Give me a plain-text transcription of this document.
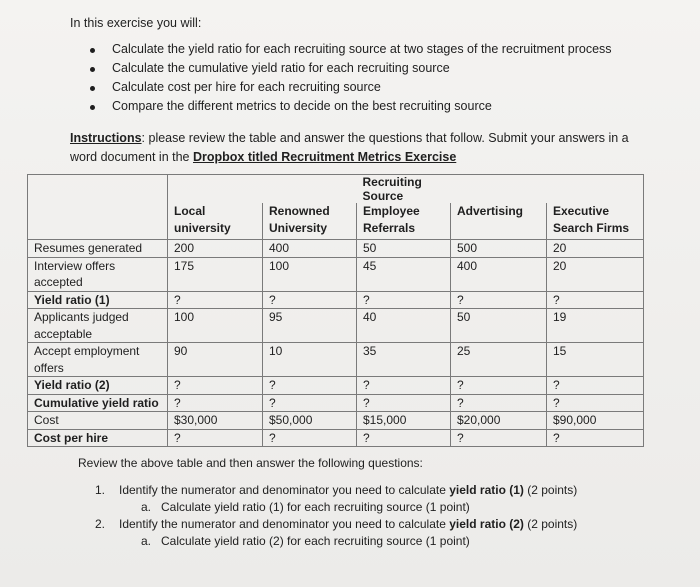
In this exercise you will:
Calculate the yield ratio for each recruiting source at two stages of the recruitment process
Calculate the cumulative yield ratio for each recruiting source
Calculate cost per hire for each recruiting source
Compare the different metrics to decide on the best recruiting source
Instructions: please review the table and answer the questions that follow. Submit your answers in a word document in the Dropbox titled Recruitment Metrics Exercise
			Recruiting Source		
	Local university	Renowned University	Employee Referrals	Advertising	Executive Search Firms
Resumes generated	200	400	50	500	20
Interview offers accepted	175	100	45	400	20
Yield ratio (1)	?	?	?	?	?
Applicants judged acceptable	100	95	40	50	19
Accept employment offers	90	10	35	25	15
Yield ratio (2)	?	?	?	?	?
Cumulative yield ratio	?	?	?	?	?
Cost	$30,000	$50,000	$15,000	$20,000	$90,000
Cost per hire	?	?	?	?	?
Review the above table and then answer the following questions:
1. Identify the numerator and denominator you need to calculate yield ratio (1) (2 points)
a. Calculate yield ratio (1) for each recruiting source (1 point)
2. Identify the numerator and denominator you need to calculate yield ratio (2) (2 points)
a. Calculate yield ratio (2) for each recruiting source (1 point)
